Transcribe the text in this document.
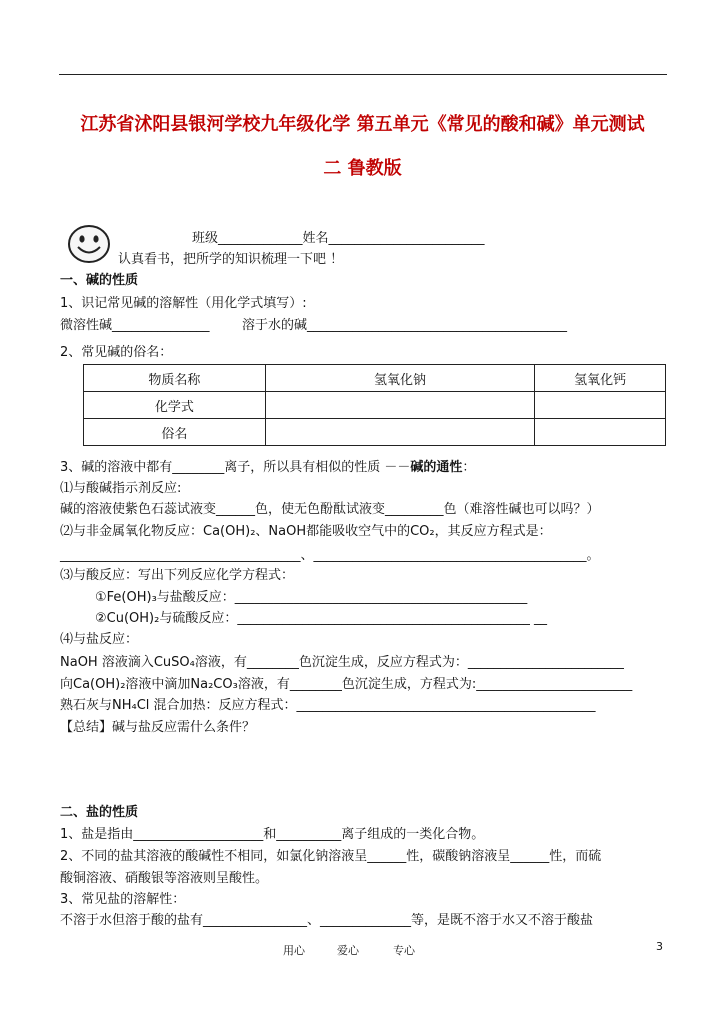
江苏省沭阳县银河学校九年级化学 第五单元《常见的酸和碱》单元测试
二 鲁教版
班级_____________姓名________________________
认真看书，把所学的知识梳理一下吧 ！
一、碱的性质
1、识记常见碱的溶解性（用化学式填写）:
微溶性碱_______________ 溶于水的碱________________________________________
2、常见碱的俗名：
物质名称	氢氧化钠	氢氧化钙
化学式		
俗名		
3、碱的溶液中都有________离子，所以具有相似的性质 －－碱的通性：
⑴与酸碱指示剂反应:
碱的溶液使紫色石蕊试液变______色，使无色酚酞试液变_________色（难溶性碱也可以吗？）
⑵与非金属氧化物反应：Ca(OH)₂、NaOH都能吸收空气中的CO₂，其反应方程式是：
_____________________________________、__________________________________________。
⑶与酸反应：写出下列反应化学方程式：
①Fe(OH)₃与盐酸反应：_____________________________________________
②Cu(OH)₂与硫酸反应：_____________________________________________ __
⑷与盐反应：
NaOH 溶液滴入CuSO₄溶液，有________色沉淀生成，反应方程式为：________________________
向Ca(OH)₂溶液中滴加Na₂CO₃溶液，有________色沉淀生成，方程式为:________________________
熟石灰与NH₄Cl 混合加热：反应方程式：______________________________________________
【总结】碱与盐反应需什么条件？
二、盐的性质
1、盐是指由____________________和__________离子组成的一类化合物。
2、不同的盐其溶液的酸碱性不相同，如氯化钠溶液呈______性，碳酸钠溶液呈______性，而硫
酸铜溶液、硝酸银等溶液则呈酸性。
3、常见盐的溶解性：
不溶于水但溶于酸的盐有________________、______________等，是既不溶于水又不溶于酸盐
用心	爱心	专心	3
